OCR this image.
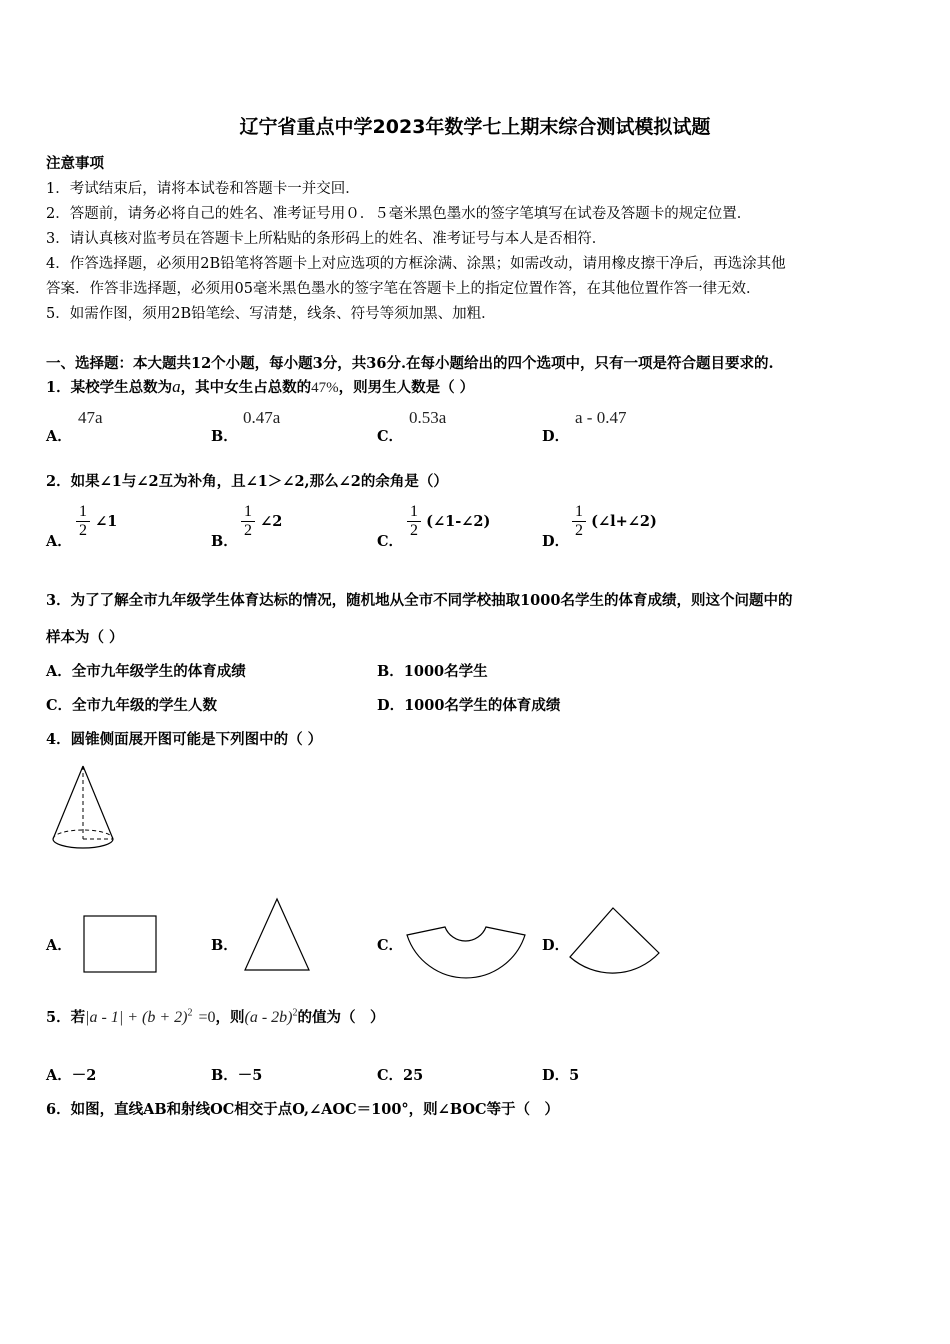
辽宁省重点中学2023年数学七上期末综合测试模拟试题
注意事项
1．考试结束后，请将本试卷和答题卡一并交回．
2．答题前，请务必将自己的姓名、准考证号用０．５毫米黑色墨水的签字笔填写在试卷及答题卡的规定位置．
3．请认真核对监考员在答题卡上所粘贴的条形码上的姓名、准考证号与本人是否相符．
4．作答选择题，必须用2B铅笔将答题卡上对应选项的方框涂满、涂黑；如需改动，请用橡皮擦干净后，再选涂其他
答案．作答非选择题，必须用05毫米黑色墨水的签字笔在答题卡上的指定位置作答，在其他位置作答一律无效．
5．如需作图，须用2B铅笔绘、写清楚，线条、符号等须加黑、加粗．
一、选择题：本大题共12个小题，每小题3分，共36分.在每小题给出的四个选项中，只有一项是符合题目要求的.
1．某校学生总数为a，其中女生占总数的47%，则男生人数是（ ）
A．
47a
B．
0.47a
C．
0.53a
D．
a - 0.47
2．如果∠1与∠2互为补角，且∠1＞∠2,那么∠2的余角是（）
A．
$\frac{1}{2}$ ∠1
B．
$\frac{1}{2}$ ∠2
C．
$\frac{1}{2}$ (∠1-∠2)
D．
$\frac{1}{2}$ (∠l+∠2)
3．为了了解全市九年级学生体育达标的情况，随机地从全市不同学校抽取1000名学生的体育成绩，则这个问题中的
样本为（ ）
A．全市九年级学生的体育成绩	B．1000名学生
C．全市九年级的学生人数	D．1000名学生的体育成绩
4．圆锥侧面展开图可能是下列图中的（ ）
A．	B．	C．	D．
5．若$|a - 1| + (b + 2)^2 =0$，则(a - 2b)$^2$的值为（　）
A．－2	B．－5	C．25	D．5
6．如图，直线AB和射线OC相交于点O,∠AOC＝100°，则∠BOC等于（　）
